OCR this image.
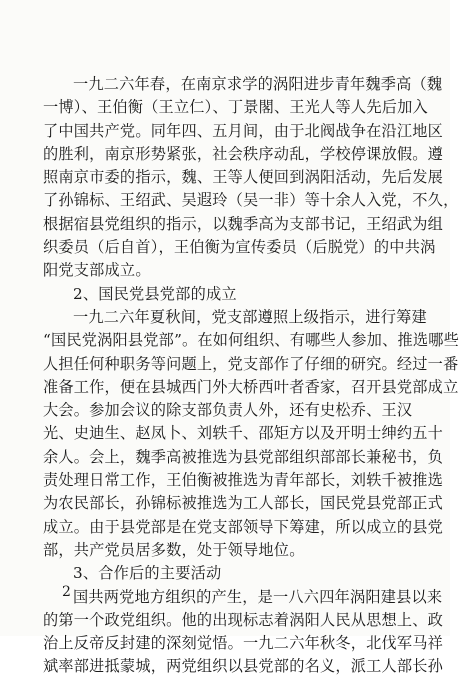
一九二六年春，在南京求学的涡阳进步青年魏季高（魏
一博）、王伯衡（王立仁）、丁景閣、王光人等人先后加入
了中国共产党。同年四、五月间，由于北阀战争在沿江地区
的胜利，南京形势紧张，社会秩序动乱，学校停课放假。遵
照南京市委的指示，魏、王等人便回到涡阳活动，先后发展
了孙锦标、王绍武、吴遐玲（吴一非）等十余人入党，不久，
根据宿县党组织的指示，以魏季高为支部书记，王绍武为组
织委员（后自首），王伯衡为宣传委员（后脱党）的中共涡
阳党支部成立。
2、国民党县党部的成立
一九二六年夏秋间，党支部遵照上级指示，进行筹建
“国民党涡阳县党部”。在如何组织、有哪些人参加、推选哪些
人担任何种职务等问题上，党支部作了仔细的研究。经过一番
准备工作，便在县城西门外大桥西叶者香家，召开县党部成立
大会。参加会议的除支部负责人外，还有史松乔、王汉
光、史迪生、赵凤卜、刘轶千、邵矩方以及开明士绅约五十
余人。会上，魏季高被推选为县党部组织部部长兼秘书，负
责处理日常工作，王伯衡被推选为青年部长，刘轶千被推选
为农民部长，孙锦标被推选为工人部长，国民党县党部正式
成立。由于县党部是在党支部领导下筹建，所以成立的县党
部，共产党员居多数，处于领导地位。
3、合作后的主要活动
国共两党地方组织的产生，是一八六四年涡阳建县以来
的第一个政党组织。他的出现标志着涡阳人民从思想上、政
治上反帝反封建的深刻觉悟。一九二六年秋冬，北伐军马祥
斌率部进抵蒙城，两党组织以县党部的名义，派工人部长孙
2
